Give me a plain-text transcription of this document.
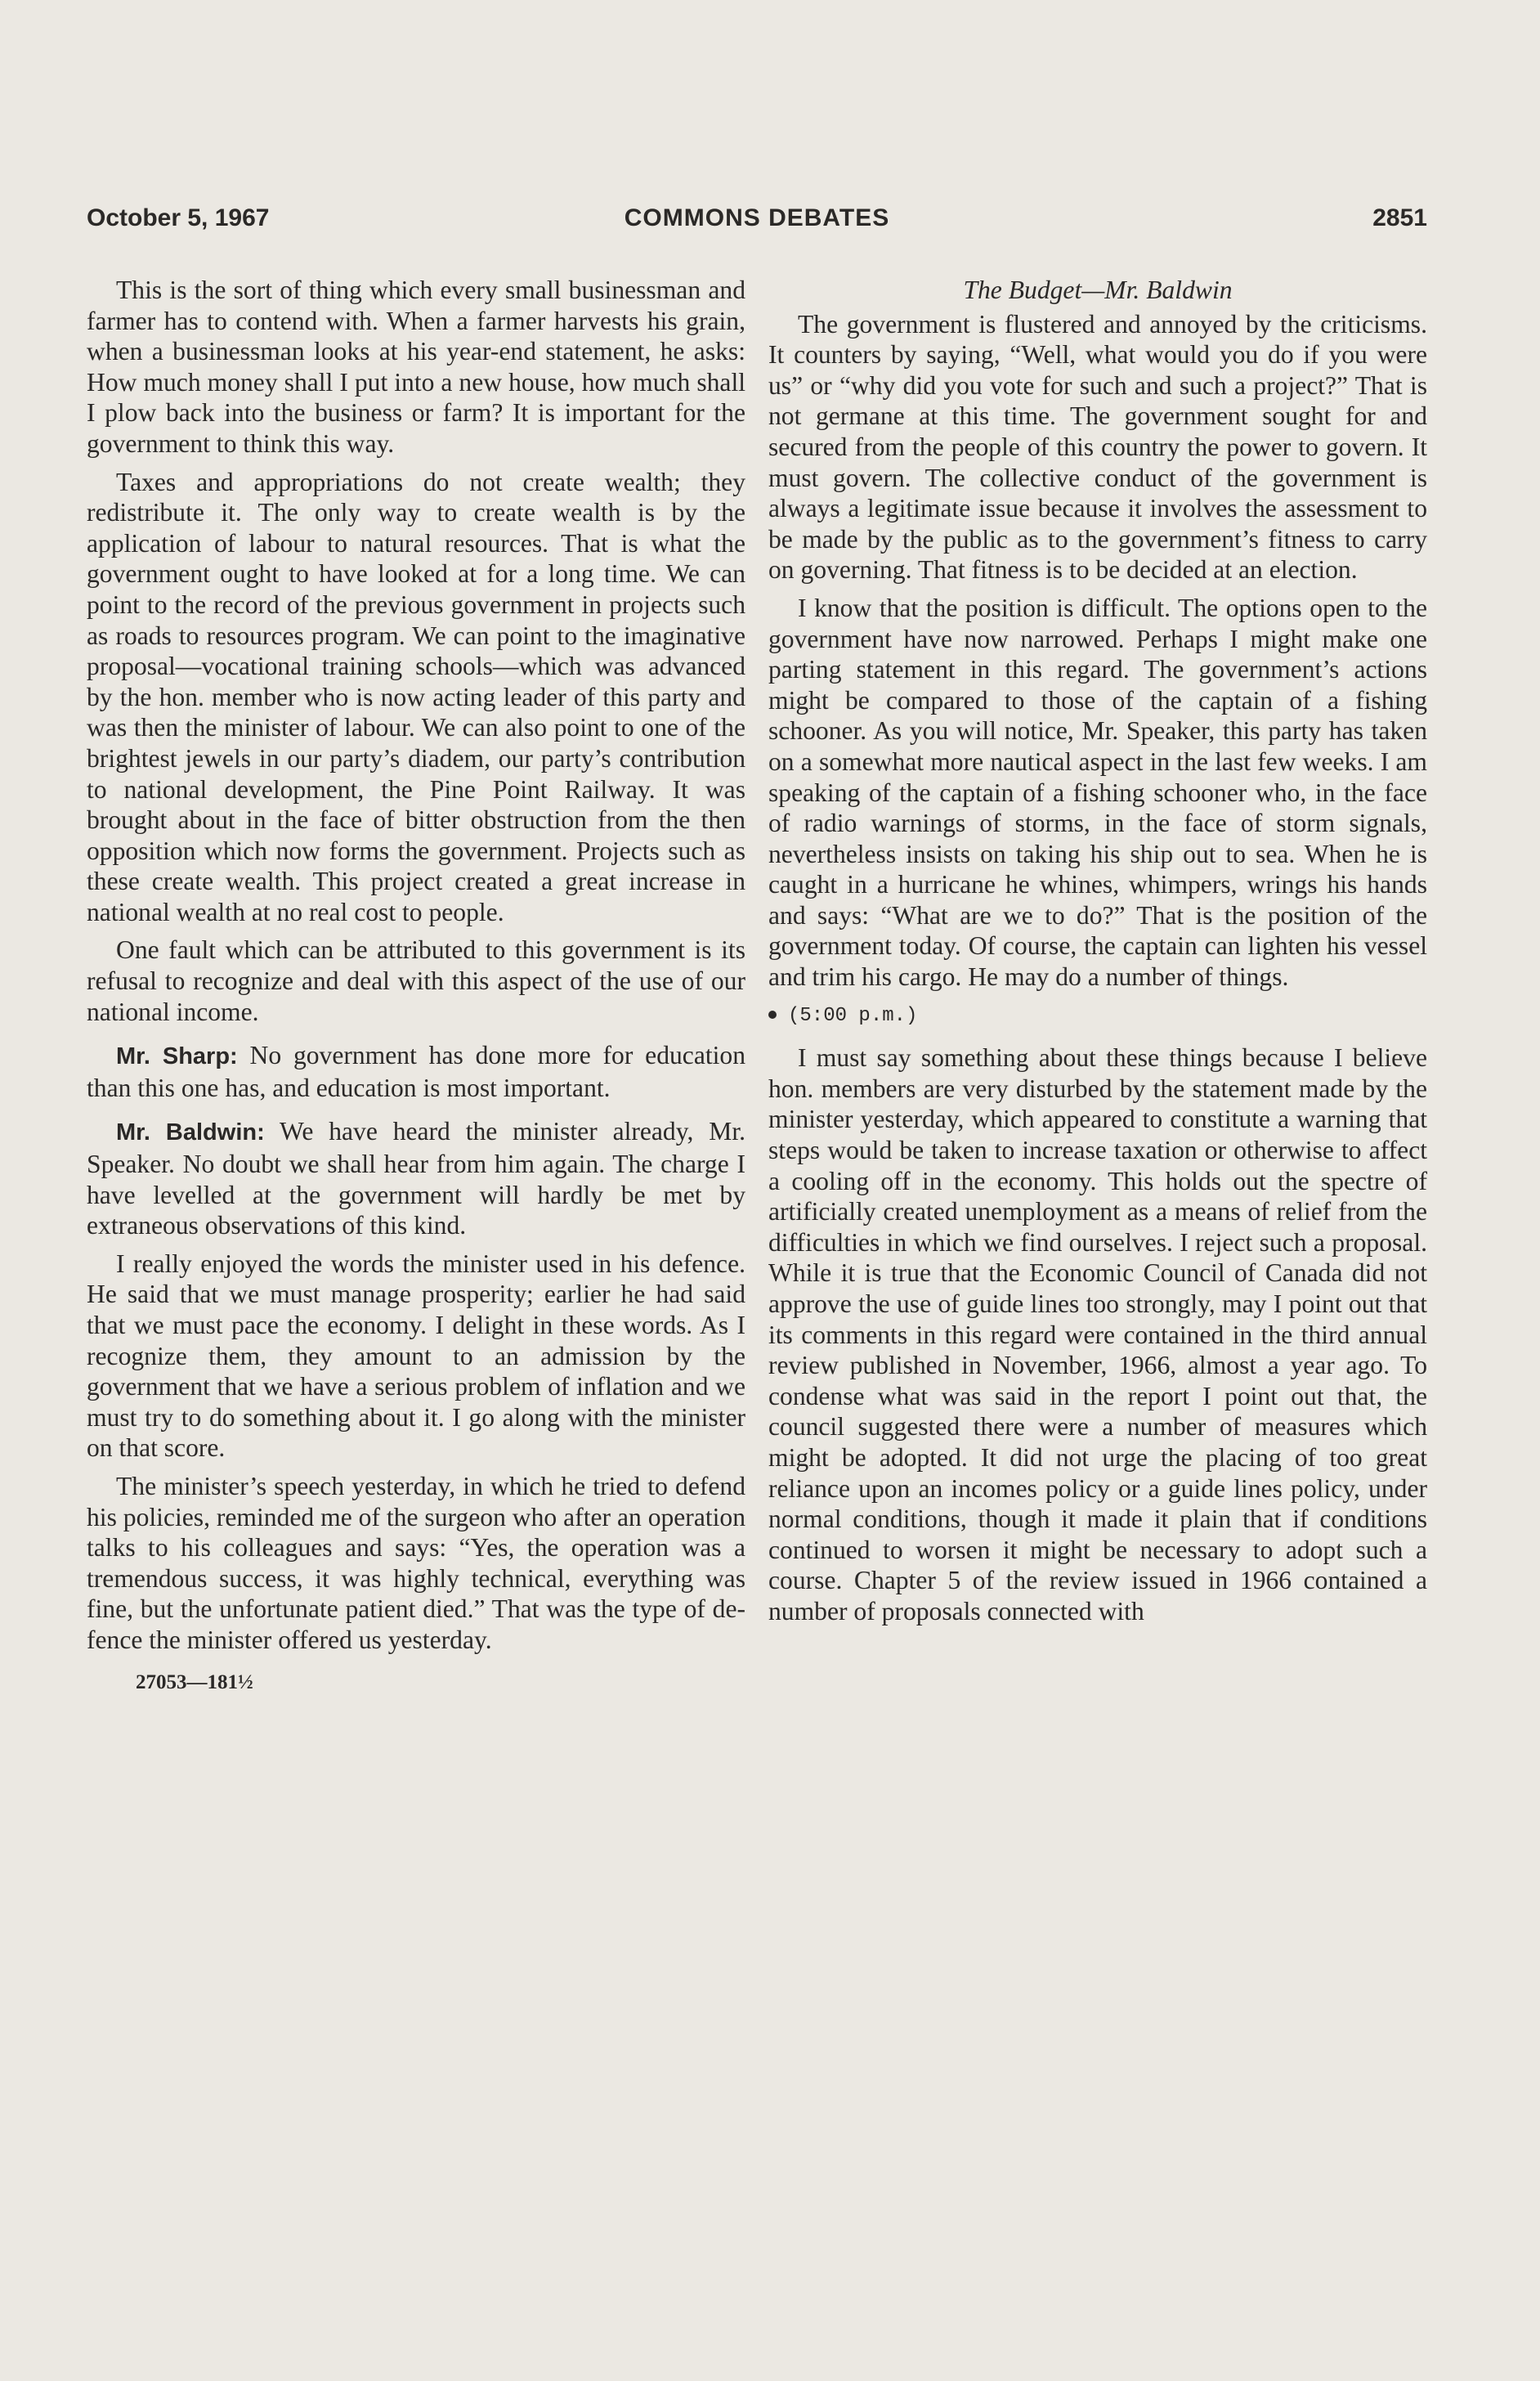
October 5, 1967	COMMONS DEBATES	2851

This is the sort of thing which every small businessman and farmer has to contend with. When a farmer harvests his grain, when a businessman looks at his year-end statement, he asks: How much money shall I put into a new house, how much shall I plow back into the business or farm? It is important for the government to think this way.

Taxes and appropriations do not create wealth; they redistribute it. The only way to create wealth is by the application of labour to natural resources. That is what the government ought to have looked at for a long time. We can point to the record of the previous government in projects such as roads to resources program. We can point to the imaginative proposal—vocational training schools—which was advanced by the hon. member who is now acting leader of this party and was then the minister of labour. We can also point to one of the brightest jewels in our party’s diadem, our party’s contribution to national development, the Pine Point Railway. It was brought about in the face of bitter obstruction from the then opposition which now forms the government. Projects such as these create wealth. This project created a great increase in national wealth at no real cost to people.

One fault which can be attributed to this government is its refusal to recognize and deal with this aspect of the use of our national income.

Mr. Sharp: No government has done more for education than this one has, and education is most important.

Mr. Baldwin: We have heard the minister already, Mr. Speaker. No doubt we shall hear from him again. The charge I have levelled at the government will hardly be met by extraneous observations of this kind.

I really enjoyed the words the minister used in his defence. He said that we must manage prosperity; earlier he had said that we must pace the economy. I delight in these words. As I recognize them, they amount to an admission by the government that we have a serious problem of inflation and we must try to do something about it. I go along with the minister on that score.

The minister’s speech yesterday, in which he tried to defend his policies, reminded me of the surgeon who after an operation talks to his colleagues and says: “Yes, the operation was a tremendous success, it was highly technical, everything was fine, but the unfortunate patient died.” That was the type of defence the minister offered us yesterday.

27053—181½
The Budget—Mr. Baldwin

The government is flustered and annoyed by the criticisms. It counters by saying, “Well, what would you do if you were us” or “why did you vote for such and such a project?” That is not germane at this time. The government sought for and secured from the people of this country the power to govern. It must govern. The collective conduct of the government is always a legitimate issue because it involves the assessment to be made by the public as to the government’s fitness to carry on governing. That fitness is to be decided at an election.

I know that the position is difficult. The options open to the government have now narrowed. Perhaps I might make one parting statement in this regard. The government’s actions might be compared to those of the captain of a fishing schooner. As you will notice, Mr. Speaker, this party has taken on a somewhat more nautical aspect in the last few weeks. I am speaking of the captain of a fishing schooner who, in the face of radio warnings of storms, in the face of storm signals, nevertheless insists on taking his ship out to sea. When he is caught in a hurricane he whines, whimpers, wrings his hands and says: “What are we to do?” That is the position of the government today. Of course, the captain can lighten his vessel and trim his cargo. He may do a number of things.

(5:00 p.m.)

I must say something about these things because I believe hon. members are very disturbed by the statement made by the minister yesterday, which appeared to constitute a warning that steps would be taken to increase taxation or otherwise to affect a cooling off in the economy. This holds out the spectre of artificially created unemployment as a means of relief from the difficulties in which we find ourselves. I reject such a proposal. While it is true that the Economic Council of Canada did not approve the use of guide lines too strongly, may I point out that its comments in this regard were contained in the third annual review published in November, 1966, almost a year ago. To condense what was said in the report I point out that, the council suggested there were a number of measures which might be adopted. It did not urge the placing of too great reliance upon an incomes policy or a guide lines policy, under normal conditions, though it made it plain that if conditions continued to worsen it might be necessary to adopt such a course. Chapter 5 of the review issued in 1966 contained a number of proposals connected with
